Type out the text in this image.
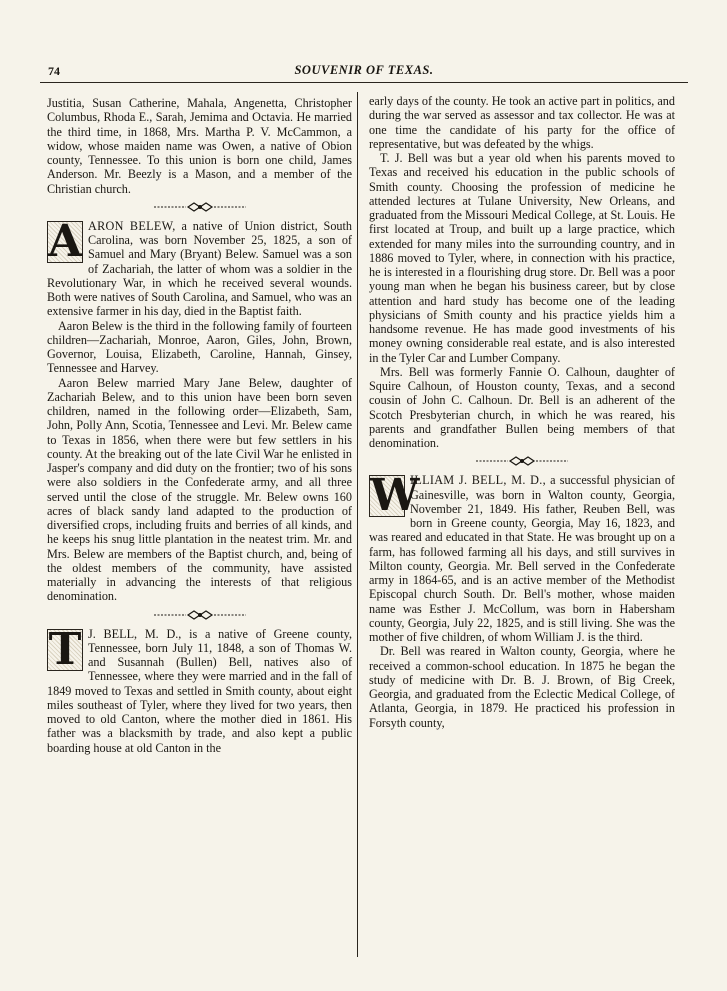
74	SOUVENIR OF TEXAS.

Justitia, Susan Catherine, Mahala, Angenetta, Christopher Columbus, Rhoda E., Sarah, Jemima and Octavia. He married the third time, in 1868, Mrs. Martha P. V. McCammon, a widow, whose maiden name was Owen, a native of Obion county, Tennessee. To this union is born one child, James Anderson. Mr. Beezly is a Mason, and a member of the Christian church.

A ARON BELEW, a native of Union district, South Carolina, was born November 25, 1825, a son of Samuel and Mary (Bryant) Belew. Samuel was a son of Zachariah, the latter of whom was a soldier in the Revolutionary War, in which he received several wounds. Both were natives of South Carolina, and Samuel, who was an extensive farmer in his day, died in the Baptist faith.

Aaron Belew is the third in the following family of fourteen children—Zachariah, Monroe, Aaron, Giles, John, Brown, Governor, Louisa, Elizabeth, Caroline, Hannah, Ginsey, Tennessee and Harvey.

Aaron Belew married Mary Jane Belew, daughter of Zachariah Belew, and to this union have been born seven children, named in the following order—Elizabeth, Sam, John, Polly Ann, Scotia, Tennessee and Levi. Mr. Belew came to Texas in 1856, when there were but few settlers in his county. At the breaking out of the late Civil War he enlisted in Jasper's company and did duty on the frontier; two of his sons were also soldiers in the Confederate army, and all three served until the close of the struggle. Mr. Belew owns 160 acres of black sandy land adapted to the production of diversified crops, including fruits and berries of all kinds, and he keeps his snug little plantation in the neatest trim. Mr. and Mrs. Belew are members of the Baptist church, and, being of the oldest members of the community, have assisted materially in advancing the interests of that religious denomination.

T J. BELL, M. D., is a native of Greene county, Tennessee, born July 11, 1848, a son of Thomas W. and Susannah (Bullen) Bell, natives also of Tennessee, where they were married and in the fall of 1849 moved to Texas and settled in Smith county, about eight miles southeast of Tyler, where they lived for two years, then moved to old Canton, where the mother died in 1861. His father was a blacksmith by trade, and also kept a public boarding house at old Canton in the

early days of the county. He took an active part in politics, and during the war served as assessor and tax collector. He was at one time the candidate of his party for the office of representative, but was defeated by the whigs.

T. J. Bell was but a year old when his parents moved to Texas and received his education in the public schools of Smith county. Choosing the profession of medicine he attended lectures at Tulane University, New Orleans, and graduated from the Missouri Medical College, at St. Louis. He first located at Troup, and built up a large practice, which extended for many miles into the surrounding country, and in 1886 moved to Tyler, where, in connection with his practice, he is interested in a flourishing drug store. Dr. Bell was a poor young man when he began his business career, but by close attention and hard study has become one of the leading physicians of Smith county and his practice yields him a handsome revenue. He has made good investments of his money owning considerable real estate, and is also interested in the Tyler Car and Lumber Company.

Mrs. Bell was formerly Fannie O. Calhoun, daughter of Squire Calhoun, of Houston county, Texas, and a second cousin of John C. Calhoun. Dr. Bell is an adherent of the Scotch Presbyterian church, in which he was reared, his parents and grandfather Bullen being members of that denomination.

W
ILLIAM J. BELL, M. D., a successful physician of Gainesville, was born in Walton county, Georgia, November 21, 1849. His father, Reuben Bell, was born in Greene county, Georgia, May 16, 1823, and was reared and educated in that State. He was brought up on a farm, has followed farming all his days, and still survives in Milton county, Georgia. Mr. Bell served in the Confederate army in 1864-65, and is an active member of the Methodist Episcopal church South. Dr. Bell's mother, whose maiden name was Esther J. McCollum, was born in Habersham county, Georgia, July 22, 1825, and is still living. She was the mother of five children, of whom William J. is the third.

Dr. Bell was reared in Walton county, Georgia, where he received a common-school education. In 1875 he began the study of medicine with Dr. B. J. Brown, of Big Creek, Georgia, and graduated from the Eclectic Medical College, of Atlanta, Georgia, in 1879. He practiced his profession in Forsyth county,
